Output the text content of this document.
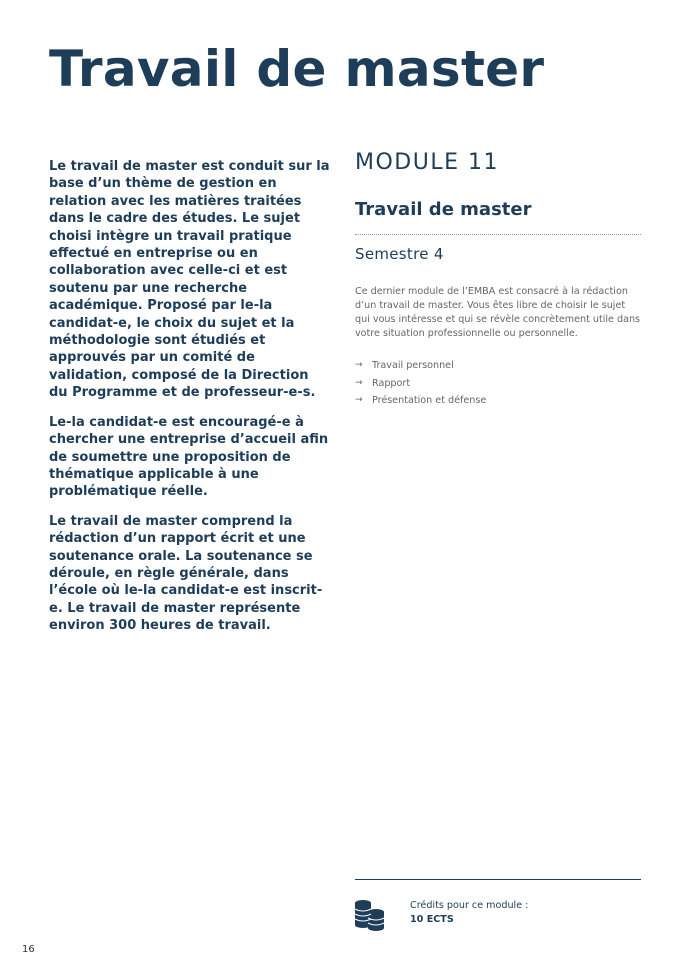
Travail de master

Le travail de master est conduit sur la base d’un thème de gestion en relation avec les matières traitées dans le cadre des études. Le sujet choisi intègre un travail pratique effectué en entreprise ou en collaboration avec celle-ci et est soutenu par une recherche académique. Proposé par le-la candidat-e, le choix du sujet et la méthodologie sont étudiés et approuvés par un comité de validation, composé de la Direction du Programme et de professeur-e-s.

Le-la candidat-e est encouragé-e à chercher une entreprise d’accueil afin de soumettre une proposition de thématique applicable à une problématique réelle.

Le travail de master comprend la rédaction d’un rapport écrit et une soutenance orale. La soutenance se déroule, en règle générale, dans l’école où le-la candidat-e est inscrit-e. Le travail de master représente environ 300 heures de travail.

MODULE 11
Travail de master
Semestre 4

Ce dernier module de l’EMBA est consacré à la rédaction d’un travail de master. Vous êtes libre de choisir le sujet qui vous intéresse et qui se révèle concrètement utile dans votre situation professionnelle ou personnelle.

→ Travail personnel
→ Rapport
→ Présentation et défense
Crédits pour ce module :
10 ECTS
16
